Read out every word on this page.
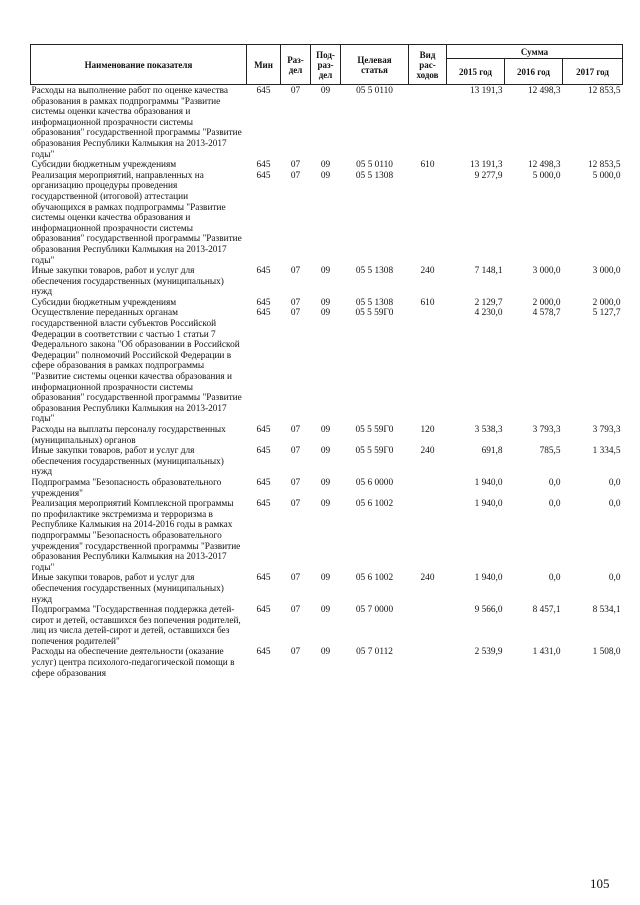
Наименование показателя	Мин	Раз-
дел	Под-
раз-
дел	Целевая
статья	Вид
рас-
ходов	Сумма		
						2015 год	2016 год	2017 год
Расходы на выполнение работ по оценке качества образования в рамках подпрограммы "Развитие системы оценки качества образования и информационной прозрачности системы образования" государственной программы "Развитие образования Республики Калмыкия на 2013-2017 годы"	645	07	09	05 5 0110		13 191,3	12 498,3	12 853,5
Субсидии бюджетным учреждениям	645	07	09	05 5 0110	610	13 191,3	12 498,3	12 853,5
Реализация мероприятий, направленных на организацию процедуры проведения государственной (итоговой) аттестации обучающихся в рамках подпрограммы "Развитие системы оценки качества образования и информационной прозрачности системы образования" государственной программы "Развитие образования Республики Калмыкия на 2013-2017 годы"	645	07	09	05 5 1308		9 277,9	5 000,0	5 000,0
Иные закупки товаров, работ и услуг для обеспечения государственных (муниципальных) нужд	645	07	09	05 5 1308	240	7 148,1	3 000,0	3 000,0
Субсидии бюджетным учреждениям	645	07	09	05 5 1308	610	2 129,7	2 000,0	2 000,0
Осуществление переданных органам государственной власти субъектов Российской Федерации в соответствии с частью 1 статьи 7 Федерального закона "Об образовании в Российской Федерации" полномочий Российской Федерации в сфере образования в рамках подпрограммы "Развитие системы оценки качества образования и информационной прозрачности системы образования" государственной программы "Развитие образования Республики Калмыкия на 2013-2017 годы"	645	07	09	05 5 59Г0		4 230,0	4 578,7	5 127,7
Расходы на выплаты персоналу государственных (муниципальных) органов	645	07	09	05 5 59Г0	120	3 538,3	3 793,3	3 793,3
Иные закупки товаров, работ и услуг для обеспечения государственных (муниципальных) нужд	645	07	09	05 5 59Г0	240	691,8	785,5	1 334,5
Подпрограмма "Безопасность образовательного учреждения"	645	07	09	05 6 0000		1 940,0	0,0	0,0
Реализация мероприятий Комплексной программы по профилактике экстремизма и терроризма в Республике Калмыкия на 2014-2016 годы в рамках подпрограммы "Безопасность образовательного учреждения" государственной программы "Развитие образования Республики Калмыкия на 2013-2017 годы"	645	07	09	05 6 1002		1 940,0	0,0	0,0
Иные закупки товаров, работ и услуг для обеспечения государственных (муниципальных) нужд	645	07	09	05 6 1002	240	1 940,0	0,0	0,0
Подпрограмма "Государственная поддержка детей-сирот и детей, оставшихся без попечения родителей, лиц из числа детей-сирот и детей, оставшихся без попечения родителей"	645	07	09	05 7 0000		9 566,0	8 457,1	8 534,1
Расходы на обеспечение деятельности (оказание услуг) центра психолого-педагогической помощи в сфере образования	645	07	09	05 7 0112		2 539,9	1 431,0	1 508,0
105
